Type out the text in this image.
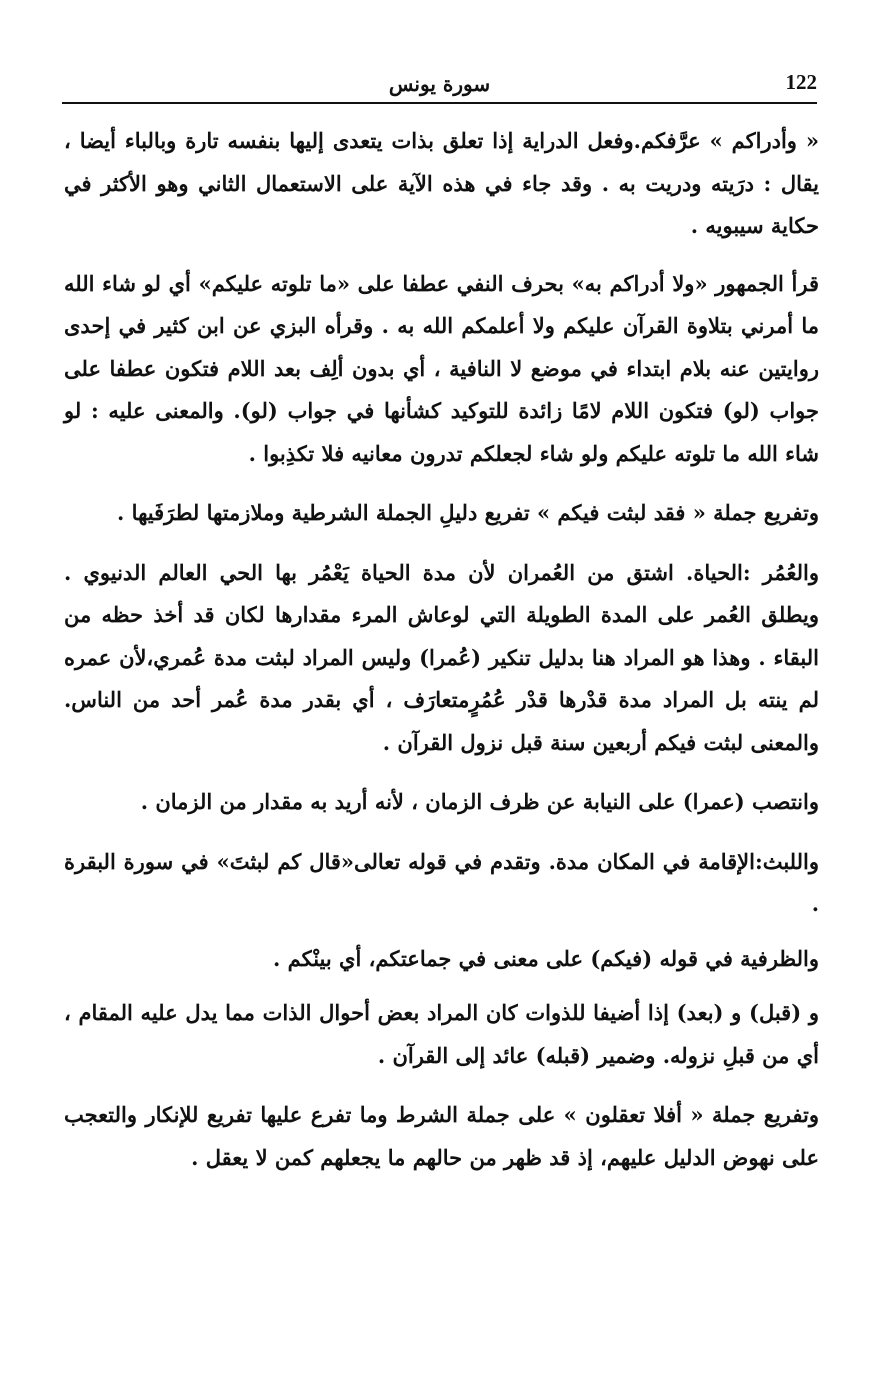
122
سورة يونس

« وأدراكم » عرَّفكم.وفعل الدراية إذا تعلق بذات يتعدى إليها بنفسه تارة وبالباء أيضا ، يقال : درَيته ودريت به . وقد جاء في هذه الآية على الاستعمال الثاني وهو الأكثر في حكاية سيبويه .

قرأ الجمهور «ولا أدراكم به» بحرف النفي عطفا على «ما تلوته عليكم» أي لو شاء الله ما أمرني بتلاوة القرآن عليكم ولا أعلمكم الله به . وقرأه البزي عن ابن كثير في إحدى روايتين عنه بلام ابتداء في موضع لا النافية ، أي بدون ألِف بعد اللام فتكون عطفا على جواب (لو) فتكون اللام لامًا زائدة للتوكيد كشأنها في جواب (لو). والمعنى عليه : لو شاء الله ما تلوته عليكم ولو شاء لجعلكم تدرون معانيه فلا تكذِبوا .

وتفريع جملة « فقد لبثت فيكم » تفريع دليلِ الجملة الشرطية وملازمتها لطرَفَيها .

والعُمُر :الحياة. اشتق من العُمران لأن مدة الحياة يَعْمُر بها الحي العالم الدنيوي . ويطلق العُمر على المدة الطويلة التي لوعاش المرء مقدارها لكان قد أخذ حظه من البقاء . وهذا هو المراد هنا بدليل تنكير (عُمرا) وليس المراد لبثت مدة عُمري،لأن عمره لم ينته بل المراد مدة قدْرها قدْر عُمُرٍمتعارَف ، أي بقدر مدة عُمر أحد من الناس. والمعنى لبثت فيكم أربعين سنة قبل نزول القرآن .

وانتصب (عمرا) على النيابة عن ظرف الزمان ، لأنه أريد به مقدار من الزمان .

واللبث:الإقامة في المكان مدة. وتقدم في قوله تعالى«قال كم لبثتَ» في سورة البقرة .

والظرفية في قوله (فيكم) على معنى في جماعتكم، أي بينْكم .

و (قبل) و (بعد) إذا أضيفا للذوات كان المراد بعض أحوال الذات مما يدل عليه المقام ، أي من قبلِ نزوله. وضمير (قبله) عائد إلى القرآن .

وتفريع جملة « أفلا تعقلون » على جملة الشرط وما تفرع عليها تفريع للإنكار والتعجب على نهوض الدليل عليهم، إذ قد ظهر من حالهم ما يجعلهم كمن لا يعقل .
